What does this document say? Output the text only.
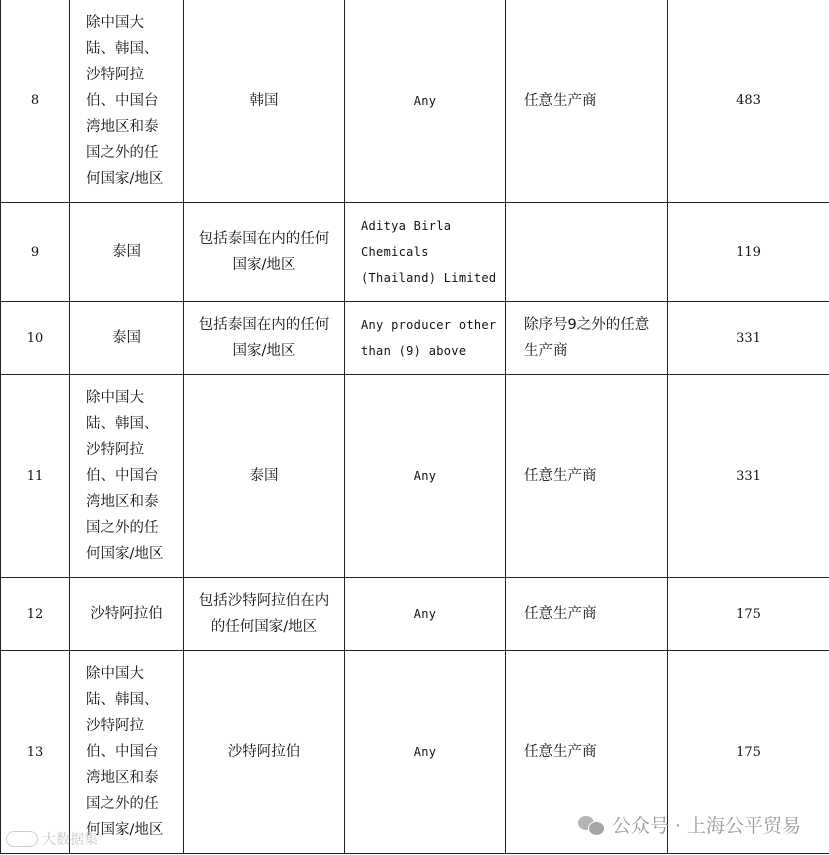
8	除中国大陆、韩国、沙特阿拉伯、中国台湾地区和泰国之外的任何国家/地区	韩国	Any	任意生产商	483
9	泰国	包括泰国在内的任何国家/地区	Aditya Birla Chemicals (Thailand) Limited		119
10	泰国	包括泰国在内的任何国家/地区	Any producer other than (9) above	除序号9之外的任意生产商	331
11	除中国大陆、韩国、沙特阿拉伯、中国台湾地区和泰国之外的任何国家/地区	泰国	Any	任意生产商	331
12	沙特阿拉伯	包括沙特阿拉伯在内的任何国家/地区	Any	任意生产商	175
13	除中国大陆、韩国、沙特阿拉伯、中国台湾地区和泰国之外的任何国家/地区	沙特阿拉伯	Any	任意生产商	175
大数据集
公众号 · 上海公平贸易
